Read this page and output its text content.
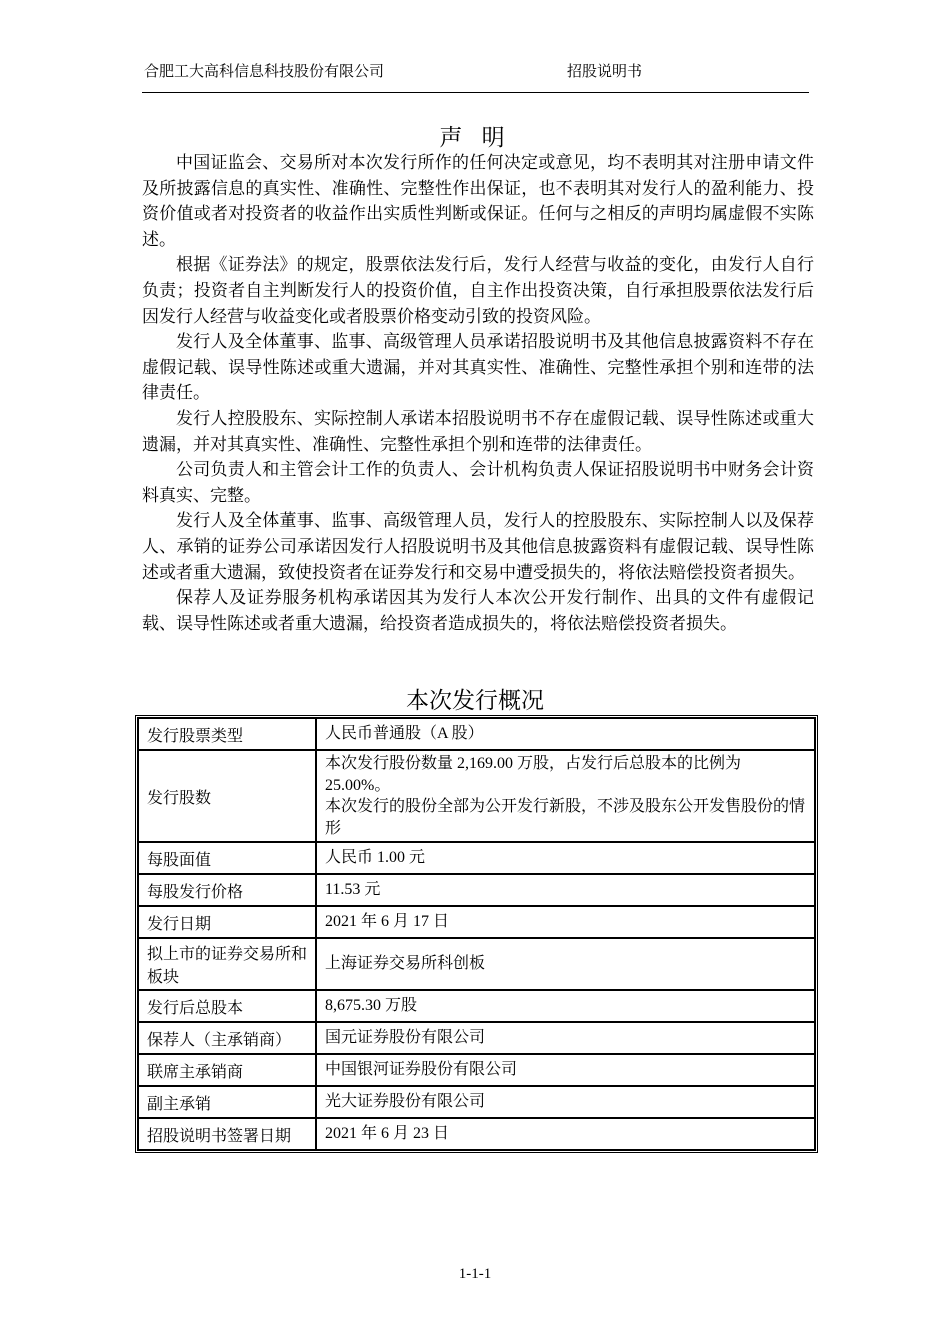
合肥工大高科信息科技股份有限公司	招股说明书
声 明

中国证监会、交易所对本次发行所作的任何决定或意见，均不表明其对注册申请文件及所披露信息的真实性、准确性、完整性作出保证，也不表明其对发行人的盈利能力、投资价值或者对投资者的收益作出实质性判断或保证。任何与之相反的声明均属虚假不实陈述。

根据《证券法》的规定，股票依法发行后，发行人经营与收益的变化，由发行人自行负责；投资者自主判断发行人的投资价值，自主作出投资决策，自行承担股票依法发行后因发行人经营与收益变化或者股票价格变动引致的投资风险。

发行人及全体董事、监事、高级管理人员承诺招股说明书及其他信息披露资料不存在虚假记载、误导性陈述或重大遗漏，并对其真实性、准确性、完整性承担个别和连带的法律责任。

发行人控股股东、实际控制人承诺本招股说明书不存在虚假记载、误导性陈述或重大遗漏，并对其真实性、准确性、完整性承担个别和连带的法律责任。

公司负责人和主管会计工作的负责人、会计机构负责人保证招股说明书中财务会计资料真实、完整。

发行人及全体董事、监事、高级管理人员，发行人的控股股东、实际控制人以及保荐人、承销的证券公司承诺因发行人招股说明书及其他信息披露资料有虚假记载、误导性陈述或者重大遗漏，致使投资者在证券发行和交易中遭受损失的，将依法赔偿投资者损失。

保荐人及证券服务机构承诺因其为发行人本次公开发行制作、出具的文件有虚假记载、误导性陈述或者重大遗漏，给投资者造成损失的，将依法赔偿投资者损失。

本次发行概况
发行股票类型	人民币普通股（A 股）
发行股数	本次发行股份数量 2,169.00 万股，占发行后总股本的比例为 25.00%。
本次发行的股份全部为公开发行新股，不涉及股东公开发售股份的情形

每股面值	人民币 1.00 元
每股发行价格	11.53 元
发行日期	2021 年 6 月 17 日
拟上市的证券交易所和板块	上海证券交易所科创板
发行后总股本	8,675.30 万股
保荐人（主承销商）	国元证券股份有限公司
联席主承销商	中国银河证券股份有限公司
副主承销	光大证券股份有限公司
招股说明书签署日期	2021 年 6 月 23 日
1-1-1
